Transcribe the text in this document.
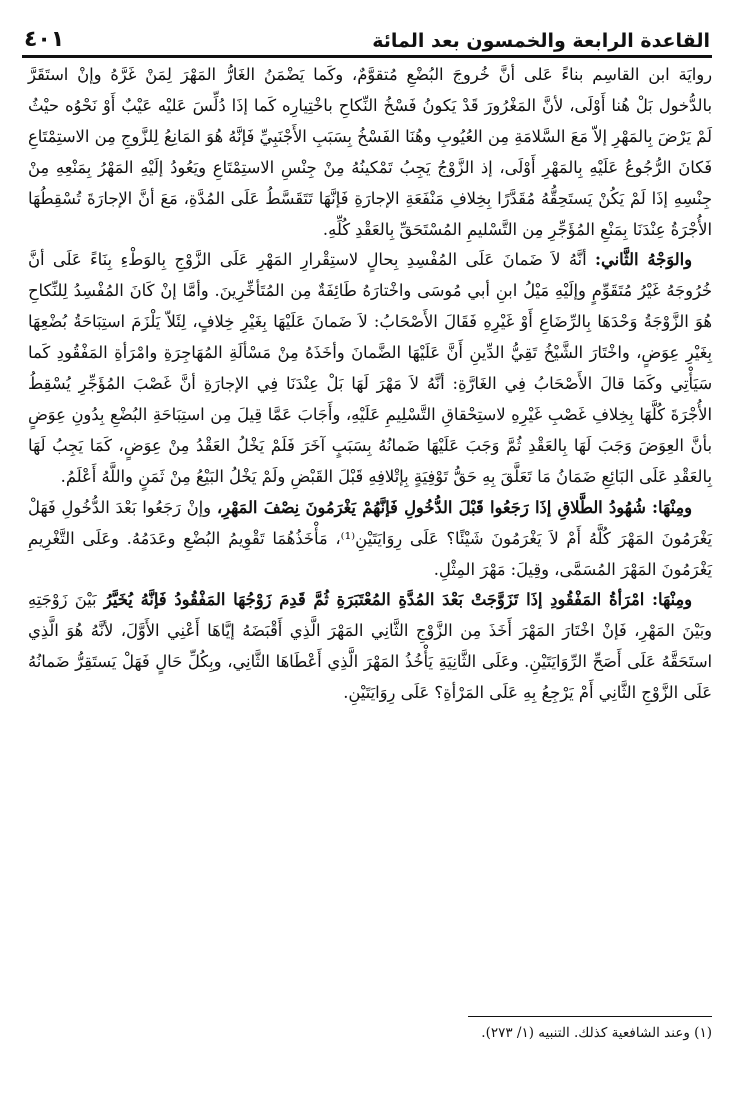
القاعدة الرابعة والخمسون بعد المائة
٤٠١

روايَة ابن القاسِم بناءً عَلى أنَّ خُروجَ البُضْعِ مُتقوَّمٌ، وكَما يَضْمَنُ الغَارُّ المَهْرَ لِمَنْ غَرَّهُ وإنْ استَقَرَّ بالدُّخول بَلْ هُنا أَوْلَى، لأنَّ المَغْرُورَ قَدْ يَكونُ فَسْخُ النِّكاحِ باخْتِيارِه كَما إذَا دُلِّسَ عَليْه عَيْبٌ أَوْ نَحْوُه حيْثُ لَمْ يَرْضَ بِالمَهْرِ إلاّ مَعَ السَّلامَةِ مِن العُيُوبِ وهُنَا الفَسْخُ بِسَبَبِ الأَجْنَبِيِّ فَإنَّهُ هُوَ المَانِعُ لِلزَّوجِ مِن الاستِمْتَاعِ فَكانَ الرُّجُوعُ عَلَيْهِ بِالمَهْرِ أَوْلَى، إذ الزَّوْجُ يَجِبُ تَمْكينُهُ مِنْ جِنْسِ الاستِمْتَاعِ ويَعُودُ إلَيْهِ المَهْرُ بِمَنْعِهِ مِنْ جِنْسِهِ إذَا لَمْ يَكُنْ يَستَحِقُّهُ مُقَدَّرًا بِخِلافِ مَنْفَعَةِ الإجارَةِ فَإنَّهَا تَتَقَسَّطُ عَلَى المُدَّةِ، مَعَ أنَّ الإجارَةَ تُسْقِطُهَا الأُجْرَةُ عِنْدَنَا بِمَنْعِ المُؤَجِّرِ مِن التَّسْليمِ المُسْتَحَقِّ بِالعَقْدِ كُلِّهِ.

والوَجْهُ الثَّاني: أنَّهُ لاَ ضَمانَ عَلَى المُفْسِدِ بِحالٍ لاستِقْرارِ المَهْرِ عَلَى الزَّوْجِ بِالوَطْءِ بِنَاءً عَلَى أنَّ خُرُوجَهُ غَيْرُ مُتَقَوِّمٍ وإلَيْهِ مَيْلُ ابنِ أبي مُوسَى واخْتارَهُ طَائِفَةٌ مِن المُتَأخِّرِينَ. وأمَّا إنْ كَانَ المُفْسِدُ لِلنِّكاحِ هُوَ الزَّوْجَةُ وَحْدَهَا بِالرِّضَاعِ أَوْ غَيْرِهِ فَقَالَ الأَصْحَابُ: لاَ ضَمانَ عَلَيْهَا بِغَيْرِ خِلافٍ، لِئَلاّ يَلْزَمَ استِبَاحَةُ بُضْعِهَا بِغَيْرِ عِوَضٍ، واخْتَارَ الشَّيْخُ تَقِيُّ الدِّينِ أَنَّ عَلَيْهَا الضَّمانَ وأخَذَهُ مِنْ مَسْألَةِ المُهَاجِرَةِ وامْرَأةِ المَفْقُودِ كَما سَيَأْتِي وكَمَا قالَ الأَصْحَابُ فِي الغَارَّةِ: أنَّهُ لاَ مَهْرَ لَهَا بَلْ عِنْدَنَا فِي الإجارَةِ أنَّ غَصْبَ المُؤَجِّرِ يُسْقِطُ الأُجْرَةَ كُلَّهَا بِخِلافِ غَصْبِ غَيْرِهِ لاستِحْقاقِ التَّسْلِيمِ عَلَيْهِ، وأَجَابَ عَمَّا قِيلَ مِن استِبَاحَةِ البُضْعِ بِدُونِ عِوَضٍ بأنَّ العِوَضَ وَجَبَ لَهَا بِالعَقْدِ ثُمَّ وَجَبَ عَلَيْهَا ضَمانُهُ بِسَبَبٍ آخَرَ فَلَمْ يَخْلُ العَقْدُ مِنْ عِوَضٍ، كَمَا يَجِبُ لَهَا بِالعَقْدِ عَلَى البَائِعِ ضَمَانُ مَا تَعَلَّقَ بِهِ حَقُّ تَوْفِيَةٍ بِإتْلافِهِ قَبْلَ القَبْضِ ولَمْ يَخْلُ البَيْعُ مِنْ ثَمَنٍ واللَّهُ أَعْلَمُ.

ومِنْهَا: شُهُودُ الطَّلاقِ إذَا رَجَعُوا قَبْلَ الدُّخُولِ فَإنَّهُمْ يَغْرَمُونَ نِصْفَ المَهْرِ، وإنْ رَجَعُوا بَعْدَ الدُّخُولِ فَهَلْ يَغْرَمُونَ المَهْرَ كُلَّهُ أَمْ لاَ يَغْرَمُونَ شَيْئًا؟ عَلَى رِوَايَتَيْنِ⁽¹⁾، مَأْخَذُهُمَا تَقْوِيمُ البُضْعِ وعَدَمُهُ. وعَلَى التَّغْرِيمِ يَغْرَمُونَ المَهْرَ المُسَمَّى، وقِيلَ: مَهْرَ المِثْلِ.

ومِنْهَا: امْرَأةُ المَفْقُودِ إذَا تَزَوَّجَتْ بَعْدَ المُدَّةِ المُعْتَبَرَةِ ثُمَّ قَدِمَ زَوْجُهَا المَفْقُودُ فَإنَّهُ يُخَيَّرُ بَيْنَ زَوْجَتِهِ وبَيْنَ المَهْرِ، فَإنْ اخْتَارَ المَهْرَ أَخَذَ مِن الزَّوْجِ الثَّانِي المَهْرَ الَّذِي أَقْبَضَهُ إيَّاهَا أَعْنِي الأَوَّلَ، لأنَّهُ هُوَ الَّذِي استَحَقَّهُ عَلَى أَصَحِّ الرِّوَايَتَيْنِ. وعَلَى الثَّانِيَةِ يَأْخُذُ المَهْرَ الَّذِي أَعْطَاهَا الثَّانِي، وبِكُلِّ حَالٍ فَهَلْ يَستَقِرُّ ضَمانُهُ عَلَى الزَّوْجِ الثَّانِي أَمْ يَرْجِعُ بِهِ عَلَى المَرْأةِ؟ عَلَى رِوَايَتَيْنِ.

(١) وعند الشافعية كذلك. التنبيه (١/ ٢٧٣).
